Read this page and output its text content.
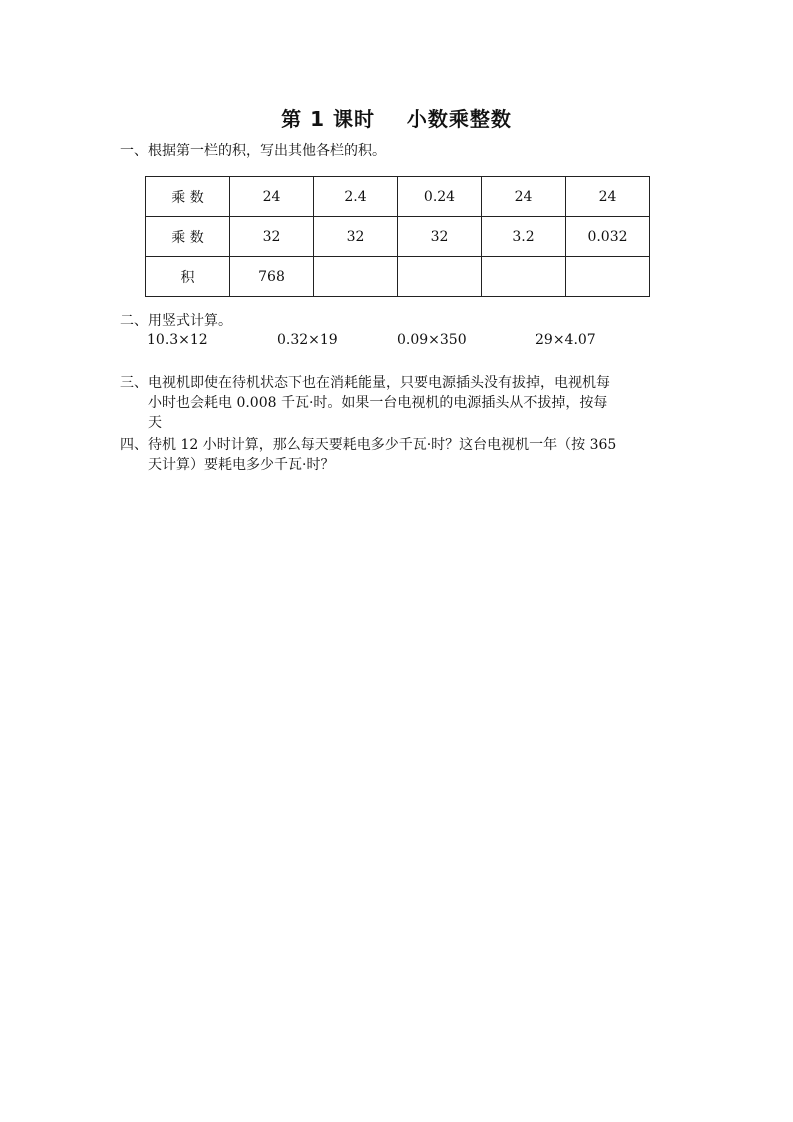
第 1 课时    小数乘整数
一、根据第一栏的积，写出其他各栏的积。
乘 数	24	2.4	0.24	24	24
乘 数	32	32	32	3.2	0.032
积	768				
二、用竖式计算。
10.3×12	0.32×19	0.09×350	29×4.07
三、电视机即使在待机状态下也在消耗能量，只要电源插头没有拔掉，电视机每
小时也会耗电 0.008 千瓦·时。如果一台电视机的电源插头从不拔掉，按每
天
四、待机 12 小时计算，那么每天要耗电多少千瓦·时？这台电视机一年（按 365
天计算）要耗电多少千瓦·时？
